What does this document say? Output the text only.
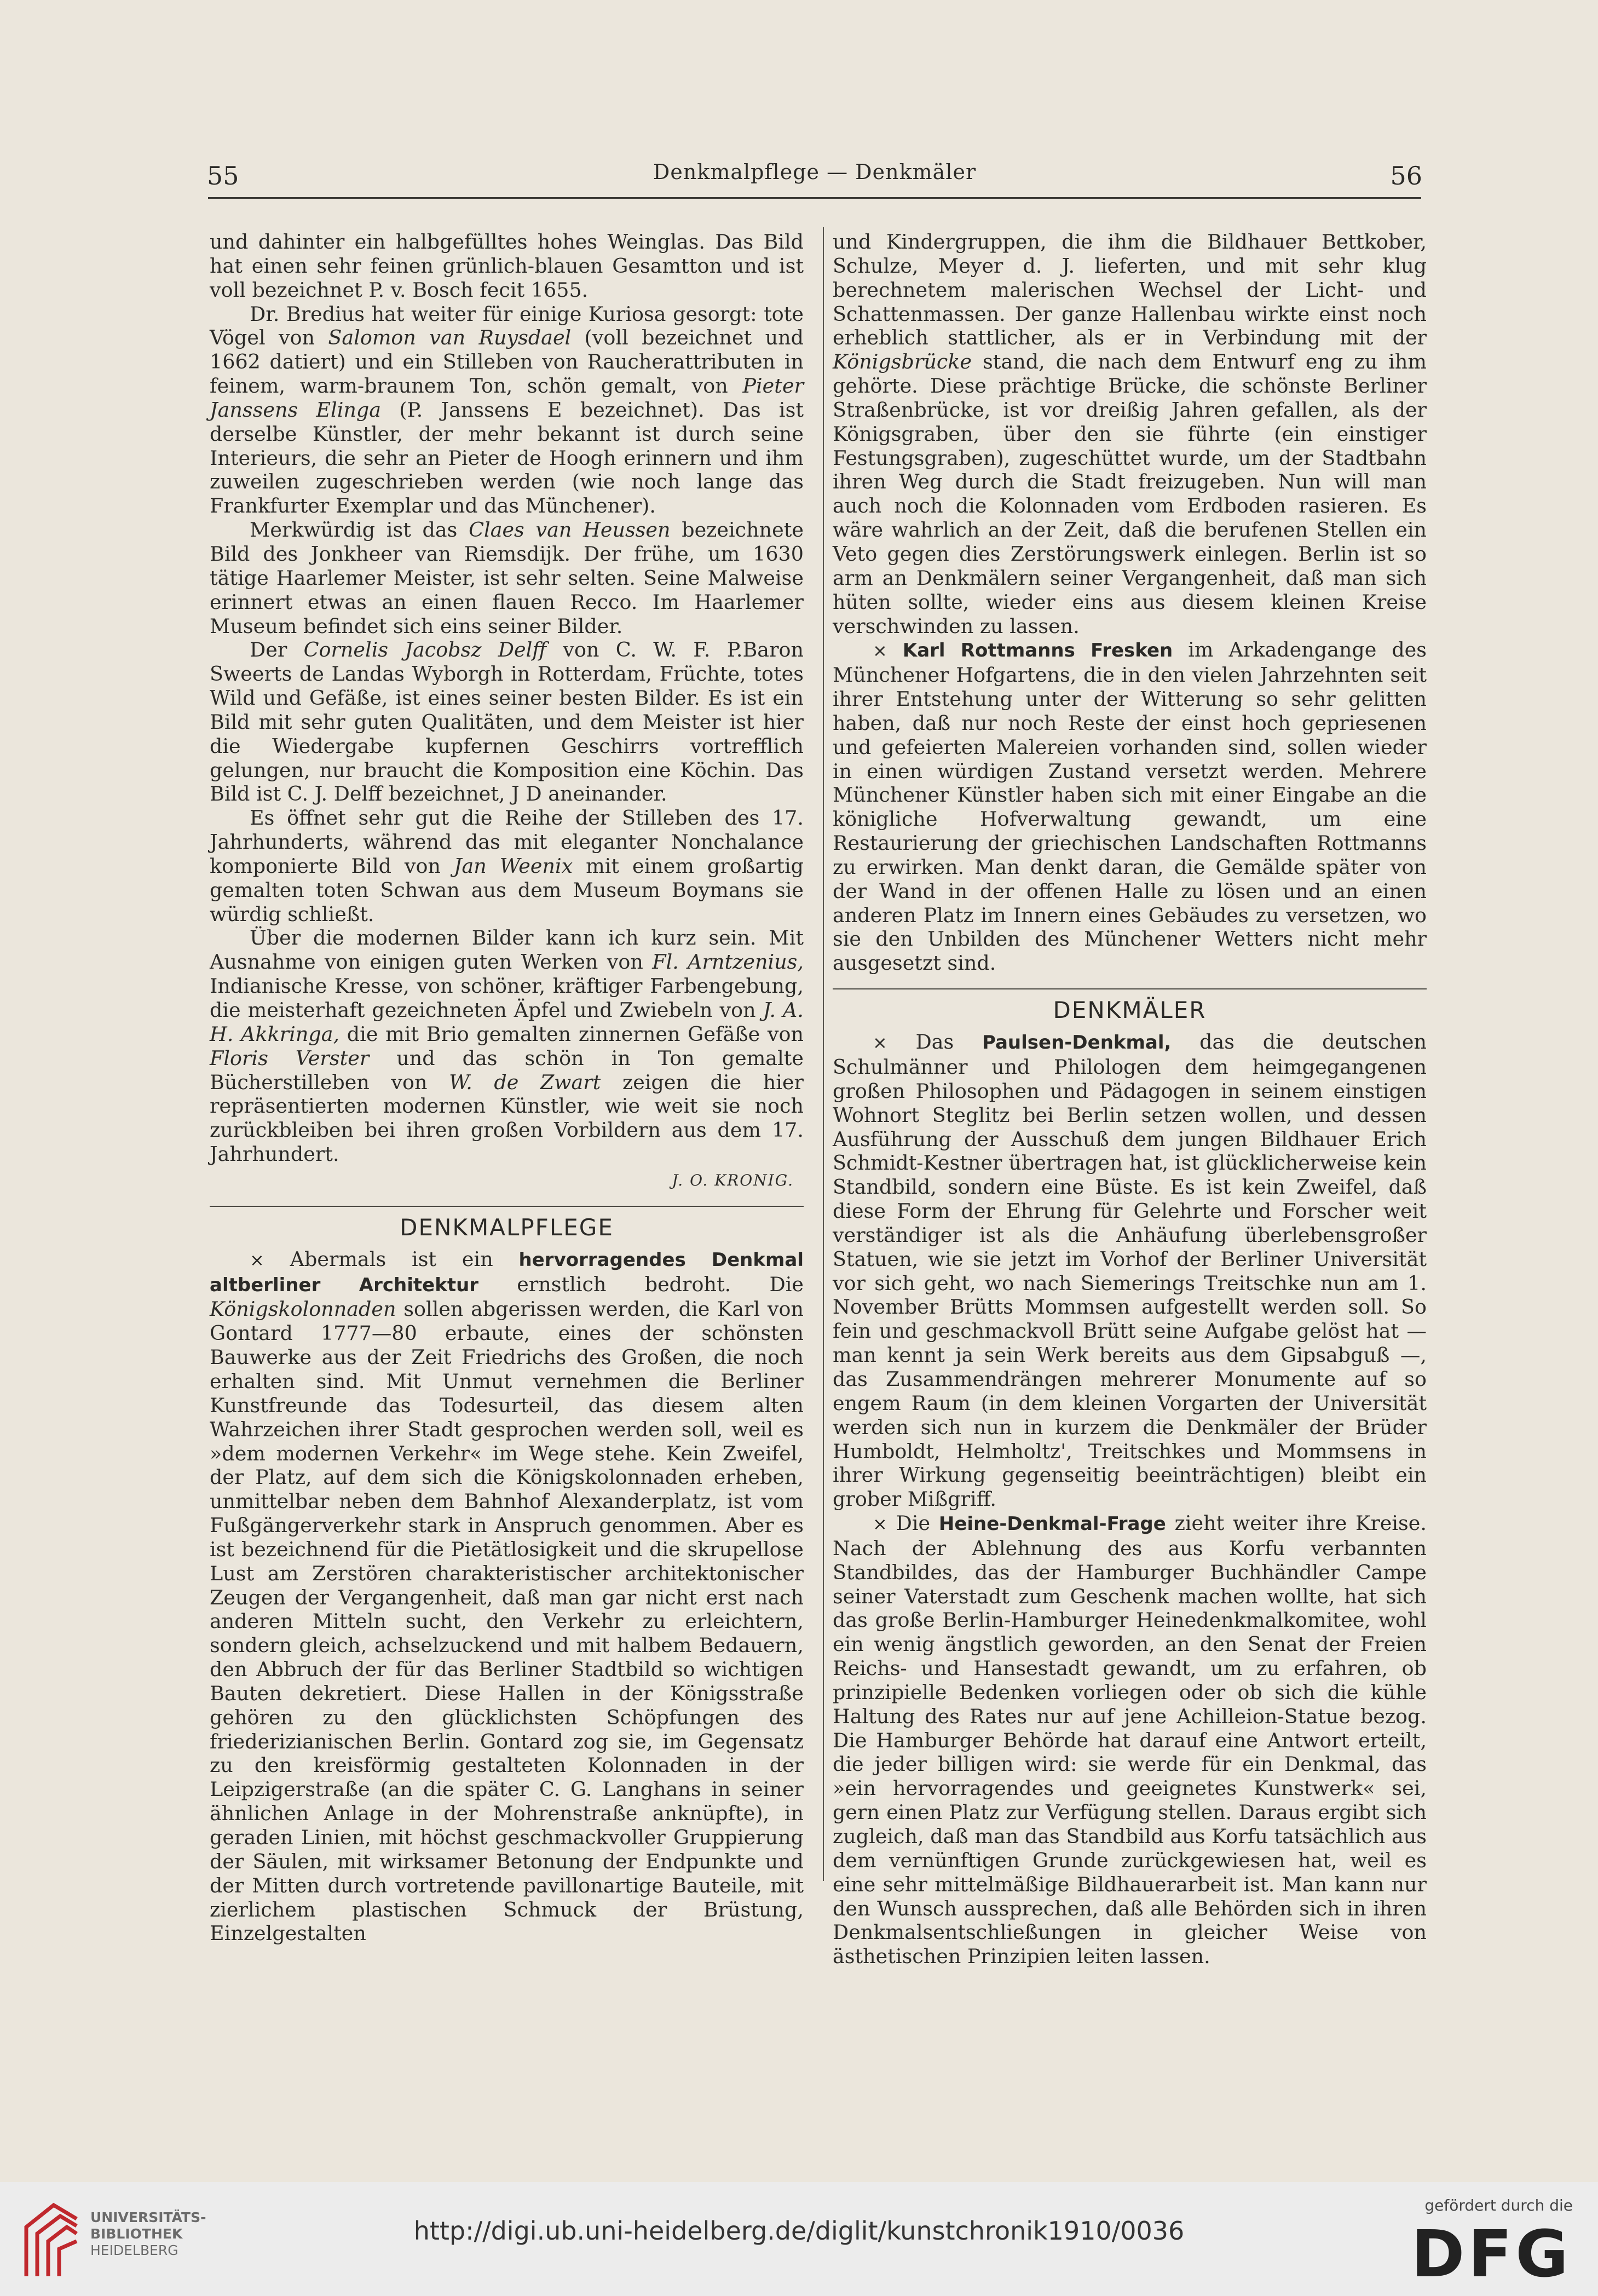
55	Denkmalpflege — Denkmäler	56

und dahinter ein halbgefülltes hohes Weinglas. Das Bild hat einen sehr feinen grünlich-blauen Gesamtton und ist voll bezeichnet P. v. Bosch fecit 1655.

Dr. Bredius hat weiter für einige Kuriosa gesorgt: tote Vögel von Salomon van Ruysdael (voll bezeichnet und 1662 datiert) und ein Stilleben von Raucherattributen in feinem, warm-braunem Ton, schön gemalt, von Pieter Janssens Elinga (P. Janssens E bezeichnet). Das ist derselbe Künstler, der mehr bekannt ist durch seine Interieurs, die sehr an Pieter de Hoogh erinnern und ihm zuweilen zugeschrieben werden (wie noch lange das Frankfurter Exemplar und das Münchener).

Merkwürdig ist das Claes van Heussen bezeichnete Bild des Jonkheer van Riemsdijk. Der frühe, um 1630 tätige Haarlemer Meister, ist sehr selten. Seine Malweise erinnert etwas an einen flauen Recco. Im Haarlemer Museum befindet sich eins seiner Bilder.

Der Cornelis Jacobsz Delff von C. W. F. P.Baron Sweerts de Landas Wyborgh in Rotterdam, Früchte, totes Wild und Gefäße, ist eines seiner besten Bilder. Es ist ein Bild mit sehr guten Qualitäten, und dem Meister ist hier die Wiedergabe kupfernen Geschirrs vortrefflich gelungen, nur braucht die Komposition eine Köchin. Das Bild ist C. J. Delff bezeichnet, J D aneinander.

Es öffnet sehr gut die Reihe der Stilleben des 17. Jahrhunderts, während das mit eleganter Nonchalance komponierte Bild von Jan Weenix mit einem großartig gemalten toten Schwan aus dem Museum Boymans sie würdig schließt.

Über die modernen Bilder kann ich kurz sein. Mit Ausnahme von einigen guten Werken von Fl. Arntzenius, Indianische Kresse, von schöner, kräftiger Farbengebung, die meisterhaft gezeichneten Äpfel und Zwiebeln von J. A. H. Akkringa, die mit Brio gemalten zinnernen Gefäße von Floris Verster und das schön in Ton gemalte Bücherstilleben von W. de Zwart zeigen die hier repräsentierten modernen Künstler, wie weit sie noch zurückbleiben bei ihren großen Vorbildern aus dem 17. Jahrhundert.

J. O. KRONIG.
DENKMALPFLEGE

× Abermals ist ein hervorragendes Denkmal altberliner Architektur ernstlich bedroht. Die Königskolonnaden sollen abgerissen werden, die Karl von Gontard 1777—80 erbaute, eines der schönsten Bauwerke aus der Zeit Friedrichs des Großen, die noch erhalten sind. Mit Unmut vernehmen die Berliner Kunstfreunde das Todesurteil, das diesem alten Wahrzeichen ihrer Stadt gesprochen werden soll, weil es »dem modernen Verkehr« im Wege stehe. Kein Zweifel, der Platz, auf dem sich die Königskolonnaden erheben, unmittelbar neben dem Bahnhof Alexanderplatz, ist vom Fußgängerverkehr stark in Anspruch genommen. Aber es ist bezeichnend für die Pietätlosigkeit und die skrupellose Lust am Zerstören charakteristischer architektonischer Zeugen der Vergangenheit, daß man gar nicht erst nach anderen Mitteln sucht, den Verkehr zu erleichtern, sondern gleich, achselzuckend und mit halbem Bedauern, den Abbruch der für das Berliner Stadtbild so wichtigen Bauten dekretiert. Diese Hallen in der Königsstraße gehören zu den glücklichsten Schöpfungen des friederizianischen Berlin. Gontard zog sie, im Gegensatz zu den kreisförmig gestalteten Kolonnaden in der Leipzigerstraße (an die später C. G. Langhans in seiner ähnlichen Anlage in der Mohrenstraße anknüpfte), in geraden Linien, mit höchst geschmackvoller Gruppierung der Säulen, mit wirksamer Betonung der Endpunkte und der Mitten durch vortretende pavillonartige Bauteile, mit zierlichem plastischen Schmuck der Brüstung, Einzelgestalten

und Kindergruppen, die ihm die Bildhauer Bettkober, Schulze, Meyer d. J. lieferten, und mit sehr klug berechnetem malerischen Wechsel der Licht- und Schattenmassen. Der ganze Hallenbau wirkte einst noch erheblich stattlicher, als er in Verbindung mit der Königsbrücke stand, die nach dem Entwurf eng zu ihm gehörte. Diese prächtige Brücke, die schönste Berliner Straßenbrücke, ist vor dreißig Jahren gefallen, als der Königsgraben, über den sie führte (ein einstiger Festungsgraben), zugeschüttet wurde, um der Stadtbahn ihren Weg durch die Stadt freizugeben. Nun will man auch noch die Kolonnaden vom Erdboden rasieren. Es wäre wahrlich an der Zeit, daß die berufenen Stellen ein Veto gegen dies Zerstörungswerk einlegen. Berlin ist so arm an Denkmälern seiner Vergangenheit, daß man sich hüten sollte, wieder eins aus diesem kleinen Kreise verschwinden zu lassen.

× Karl Rottmanns Fresken im Arkadengange des Münchener Hofgartens, die in den vielen Jahrzehnten seit ihrer Entstehung unter der Witterung so sehr gelitten haben, daß nur noch Reste der einst hoch gepriesenen und gefeierten Malereien vorhanden sind, sollen wieder in einen würdigen Zustand versetzt werden. Mehrere Münchener Künstler haben sich mit einer Eingabe an die königliche Hofverwaltung gewandt, um eine Restaurierung der griechischen Landschaften Rottmanns zu erwirken. Man denkt daran, die Gemälde später von der Wand in der offenen Halle zu lösen und an einen anderen Platz im Innern eines Gebäudes zu versetzen, wo sie den Unbilden des Münchener Wetters nicht mehr ausgesetzt sind.

DENKMÄLER

× Das Paulsen-Denkmal, das die deutschen Schulmänner und Philologen dem heimgegangenen großen Philosophen und Pädagogen in seinem einstigen Wohnort Steglitz bei Berlin setzen wollen, und dessen Ausführung der Ausschuß dem jungen Bildhauer Erich Schmidt-Kestner übertragen hat, ist glücklicherweise kein Standbild, sondern eine Büste. Es ist kein Zweifel, daß diese Form der Ehrung für Gelehrte und Forscher weit verständiger ist als die Anhäufung überlebensgroßer Statuen, wie sie jetzt im Vorhof der Berliner Universität vor sich geht, wo nach Siemerings Treitschke nun am 1. November Brütts Mommsen aufgestellt werden soll. So fein und geschmackvoll Brütt seine Aufgabe gelöst hat — man kennt ja sein Werk bereits aus dem Gipsabguß —, das Zusammendrängen mehrerer Monumente auf so engem Raum (in dem kleinen Vorgarten der Universität werden sich nun in kurzem die Denkmäler der Brüder Humboldt, Helmholtz', Treitschkes und Mommsens in ihrer Wirkung gegenseitig beeinträchtigen) bleibt ein grober Mißgriff.

× Die Heine-Denkmal-Frage zieht weiter ihre Kreise. Nach der Ablehnung des aus Korfu verbannten Standbildes, das der Hamburger Buchhändler Campe seiner Vaterstadt zum Geschenk machen wollte, hat sich das große Berlin-Hamburger Heinedenkmalkomitee, wohl ein wenig ängstlich geworden, an den Senat der Freien Reichs- und Hansestadt gewandt, um zu erfahren, ob prinzipielle Bedenken vorliegen oder ob sich die kühle Haltung des Rates nur auf jene Achilleion-Statue bezog. Die Hamburger Behörde hat darauf eine Antwort erteilt, die jeder billigen wird: sie werde für ein Denkmal, das »ein hervorragendes und geeignetes Kunstwerk« sei, gern einen Platz zur Verfügung stellen. Daraus ergibt sich zugleich, daß man das Standbild aus Korfu tatsächlich aus dem vernünftigen Grunde zurückgewiesen hat, weil es eine sehr mittelmäßige Bildhauerarbeit ist. Man kann nur den Wunsch aussprechen, daß alle Behörden sich in ihren Denkmalsentschließungen in gleicher Weise von ästhetischen Prinzipien leiten lassen.

UNIVERSITÄTS-
BIBLIOTHEK
HEIDELBERG
http://digi.ub.uni-heidelberg.de/diglit/kunstchronik1910/0036
gefördert durch die
DFG
